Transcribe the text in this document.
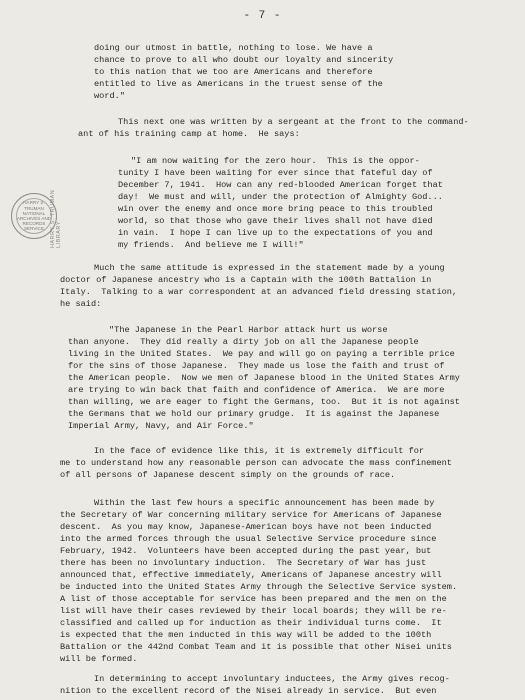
- 7 -
HARRY S. TRUMAN
NATIONAL
ARCHIVES AND
RECORDS
SERVICE HARRY S. TRUMAN LIBRARY
doing our utmost in battle, nothing to lose. We have a
chance to prove to all who doubt our loyalty and sincerity
to this nation that we too are Americans and therefore
entitled to live as Americans in the truest sense of the
word."
This next one was written by a sergeant at the front to the command-
ant of his training camp at home.  He says:
"I am now waiting for the zero hour.  This is the oppor-
tunity I have been waiting for ever since that fateful day of
December 7, 1941.  How can any red-blooded American forget that
day!  We must and will, under the protection of Almighty God...
win over the enemy and once more bring peace to this troubled
world, so that those who gave their lives shall not have died
in vain.  I hope I can live up to the expectations of you and
my friends.  And believe me I will!"
Much the same attitude is expressed in the statement made by a young
doctor of Japanese ancestry who is a Captain with the 100th Battalion in
Italy.  Talking to a war correspondent at an advanced field dressing station,
he said:
"The Japanese in the Pearl Harbor attack hurt us worse
than anyone.  They did really a dirty job on all the Japanese people
living in the United States.  We pay and will go on paying a terrible price
for the sins of those Japanese.  They made us lose the faith and trust of
the American people.  Now we men of Japanese blood in the United States Army
are trying to win back that faith and confidence of America.  We are more
than willing, we are eager to fight the Germans, too.  But it is not against
the Germans that we hold our primary grudge.  It is against the Japanese
Imperial Army, Navy, and Air Force."
In the face of evidence like this, it is extremely difficult for
me to understand how any reasonable person can advocate the mass confinement
of all persons of Japanese descent simply on the grounds of race.
Within the last few hours a specific announcement has been made by
the Secretary of War concerning military service for Americans of Japanese
descent.  As you may know, Japanese-American boys have not been inducted
into the armed forces through the usual Selective Service procedure since
February, 1942.  Volunteers have been accepted during the past year, but
there has been no involuntary induction.  The Secretary of War has just
announced that, effective immediately, Americans of Japanese ancestry will
be inducted into the United States Army through the Selective Service system.
A list of those acceptable for service has been prepared and the men on the
list will have their cases reviewed by their local boards; they will be re-
classified and called up for induction as their individual turns come.  It
is expected that the men inducted in this way will be added to the 100th
Battalion or the 442nd Combat Team and it is possible that other Nisei units
will be formed.
In determining to accept involuntary inductees, the Army gives recog-
nition to the excellent record of the Nisei already in service.  But even
